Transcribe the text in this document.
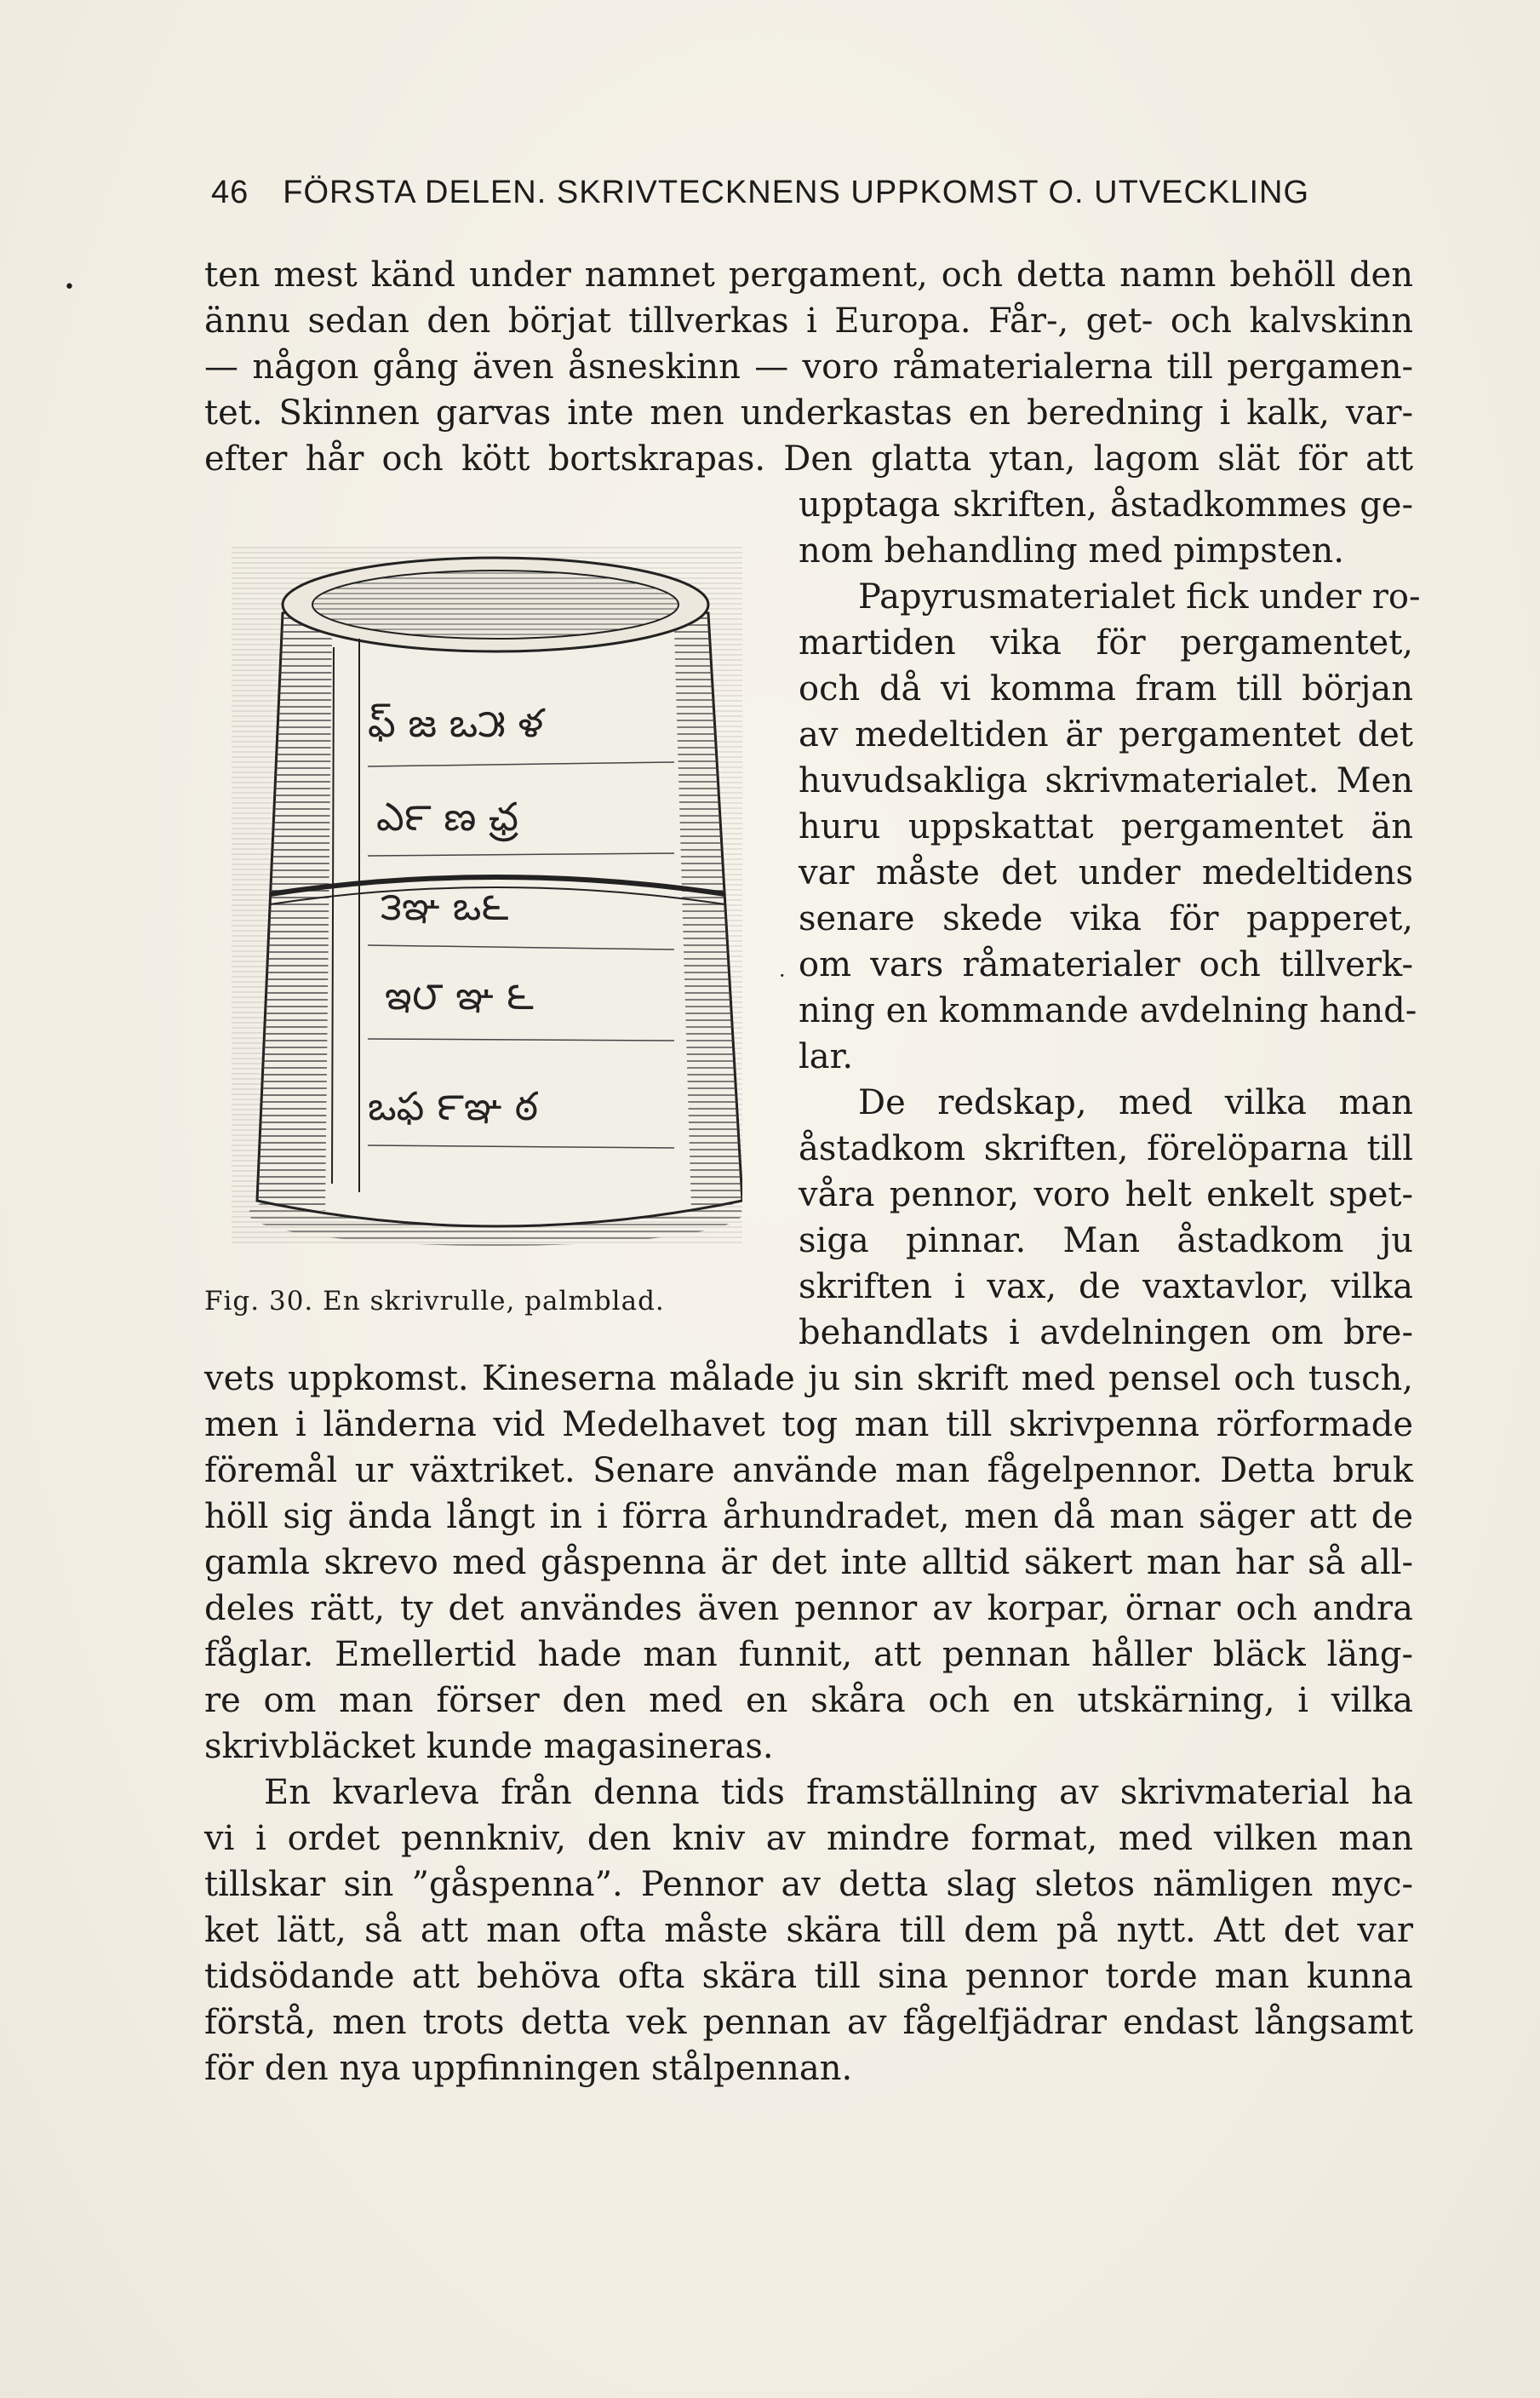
46 FÖRSTA DELEN. SKRIVTECKNENS UPPKOMST O. UTVECKLING
•	ten mest känd under namnet pergament, och detta namn behöll den
ännu sedan den börjat tillverkas i Europa. Får-, get- och kalvskinn
— någon gång även åsneskinn — voro råmaterialerna till pergamen-
tet. Skinnen garvas inte men underkastas en beredning i kalk, var-
efter hår och kött bortskrapas. Den glatta ytan, lagom slät för att
upptaga skriften, åstadkommes ge-
nom behandling med pimpsten.
Papyrusmaterialet fick under ro-
martiden vika för pergamentet,
och då vi komma fram till början
av medeltiden är pergamentet det
huvudsakliga skrivmaterialet. Men
huru uppskattat pergamentet än
var måste det under medeltidens
senare skede vika för papperet,
om vars råmaterialer och tillverk-
ning en kommande avdelning hand-
lar.
De redskap, med vilka man
åstadkom skriften, förelöparna till
våra pennor, voro helt enkelt spet-
siga pinnar. Man åstadkom ju
skriften i vax, de vaxtavlor, vilka
behandlats i avdelningen om bre-
·
ఫ్ జ ఒ౫ ళ
ఎ౯ ణ ఛ్ర
౩ఞ ఒ౬
ఇ౮ ఞ ౬
ఒఫ ౯ఞ ఠ
Fig. 30. En skrivrulle, palmblad.
vets uppkomst. Kineserna målade ju sin skrift med pensel och tusch,
men i länderna vid Medelhavet tog man till skrivpenna rörformade
föremål ur växtriket. Senare använde man fågelpennor. Detta bruk
höll sig ända långt in i förra århundradet, men då man säger att de
gamla skrevo med gåspenna är det inte alltid säkert man har så all-
deles rätt, ty det användes även pennor av korpar, örnar och andra
fåglar. Emellertid hade man funnit, att pennan håller bläck läng-
re om man förser den med en skåra och en utskärning, i vilka
skrivbläcket kunde magasineras.
En kvarleva från denna tids framställning av skrivmaterial ha
vi i ordet pennkniv, den kniv av mindre format, med vilken man
tillskar sin ”gåspenna”. Pennor av detta slag sletos nämligen myc-
ket lätt, så att man ofta måste skära till dem på nytt. Att det var
tidsödande att behöva ofta skära till sina pennor torde man kunna
förstå, men trots detta vek pennan av fågelfjädrar endast långsamt
för den nya uppfinningen stålpennan.
